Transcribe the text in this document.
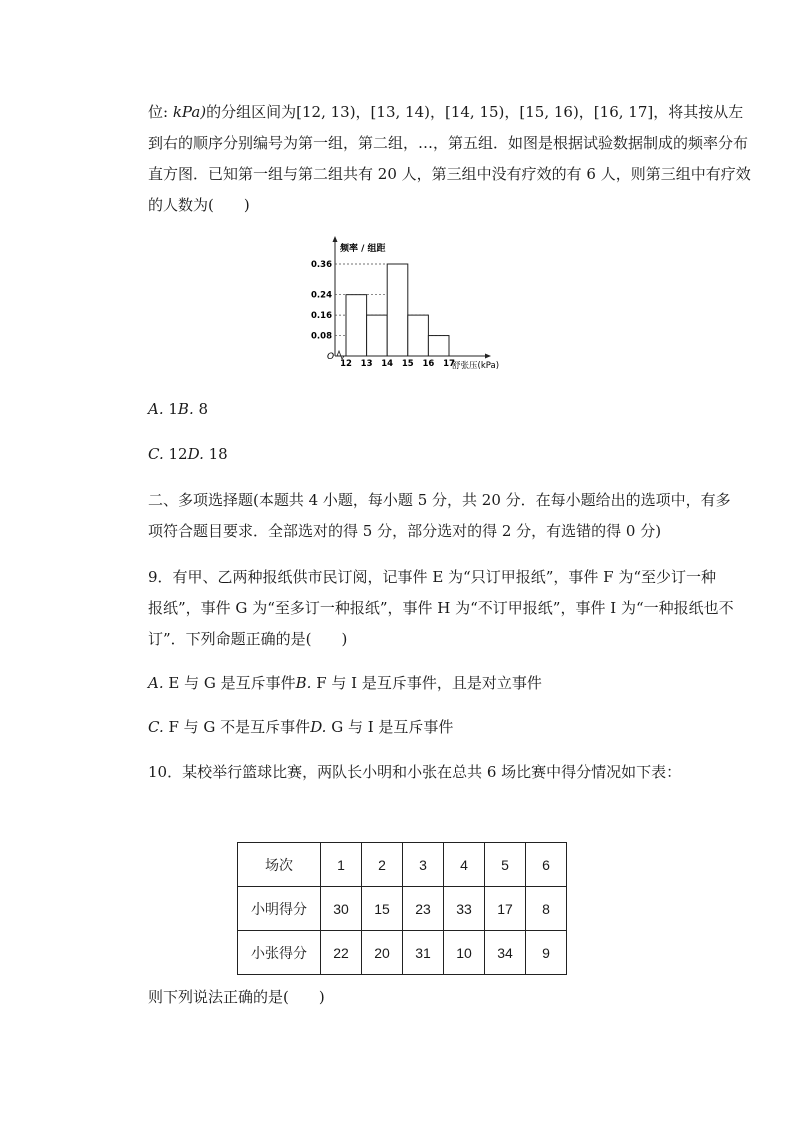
位: kPa)的分组区间为[12, 13)，[13, 14)，[14, 15)，[15, 16)，[16, 17]，将其按从左
到右的顺序分别编号为第一组，第二组，…，第五组．如图是根据试验数据制成的频率分布
直方图．已知第一组与第二组共有 20 人，第三组中没有疗效的有 6 人，则第三组中有疗效
的人数为(　　)
0.08
0.16
0.24
0.36
12 13 14 15 16 17
O
频率 / 组距
舒张压(kPa)
A. 1B. 8
C. 12D. 18
二、多项选择题(本题共 4 小题，每小题 5 分，共 20 分．在每小题给出的选项中，有多
项符合题目要求．全部选对的得 5 分，部分选对的得 2 分，有选错的得 0 分)
9．有甲、乙两种报纸供市民订阅，记事件 E 为“只订甲报纸”，事件 F 为“至少订一种
报纸”，事件 G 为“至多订一种报纸”，事件 H 为“不订甲报纸”，事件 I 为“一种报纸也不
订”．下列命题正确的是(　　)
A. E 与 G 是互斥事件B. F 与 I 是互斥事件，且是对立事件
C. F 与 G 不是互斥事件D. G 与 I 是互斥事件
10．某校举行篮球比赛，两队长小明和小张在总共 6 场比赛中得分情况如下表：
场次	1	2	3	4	5	6
小明得分	30	15	23	33	17	8
小张得分	22	20	31	10	34	9
则下列说法正确的是(　　)
